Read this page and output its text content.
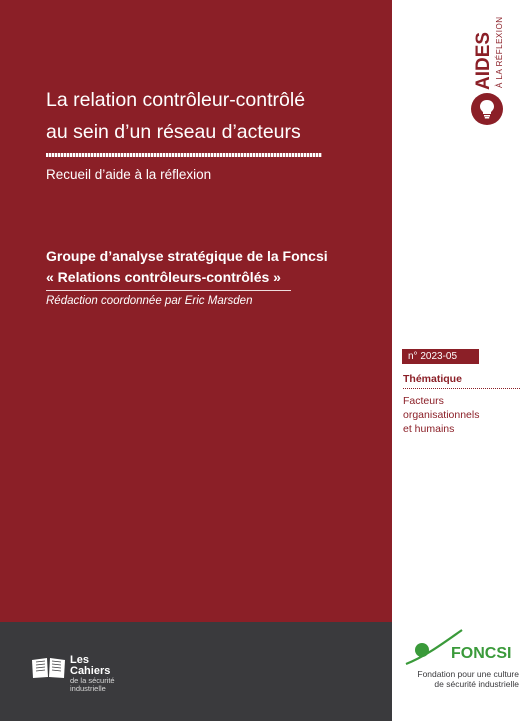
La relation contrôleur-contrôlé
au sein d’un réseau d’acteurs
Recueil d’aide à la réflexion
Groupe d’analyse stratégique de la Foncsi
« Relations contrôleurs-contrôlés »
Rédaction coordonnée par Eric Marsden
AIDES À LA RÉFLEXION
n° 2023-05
Thématique
Facteurs
organisationnels
et humains
Les
Cahiers
de la sécurité
industrielle
FONCSI
Fondation pour une culture
de sécurité industrielle
